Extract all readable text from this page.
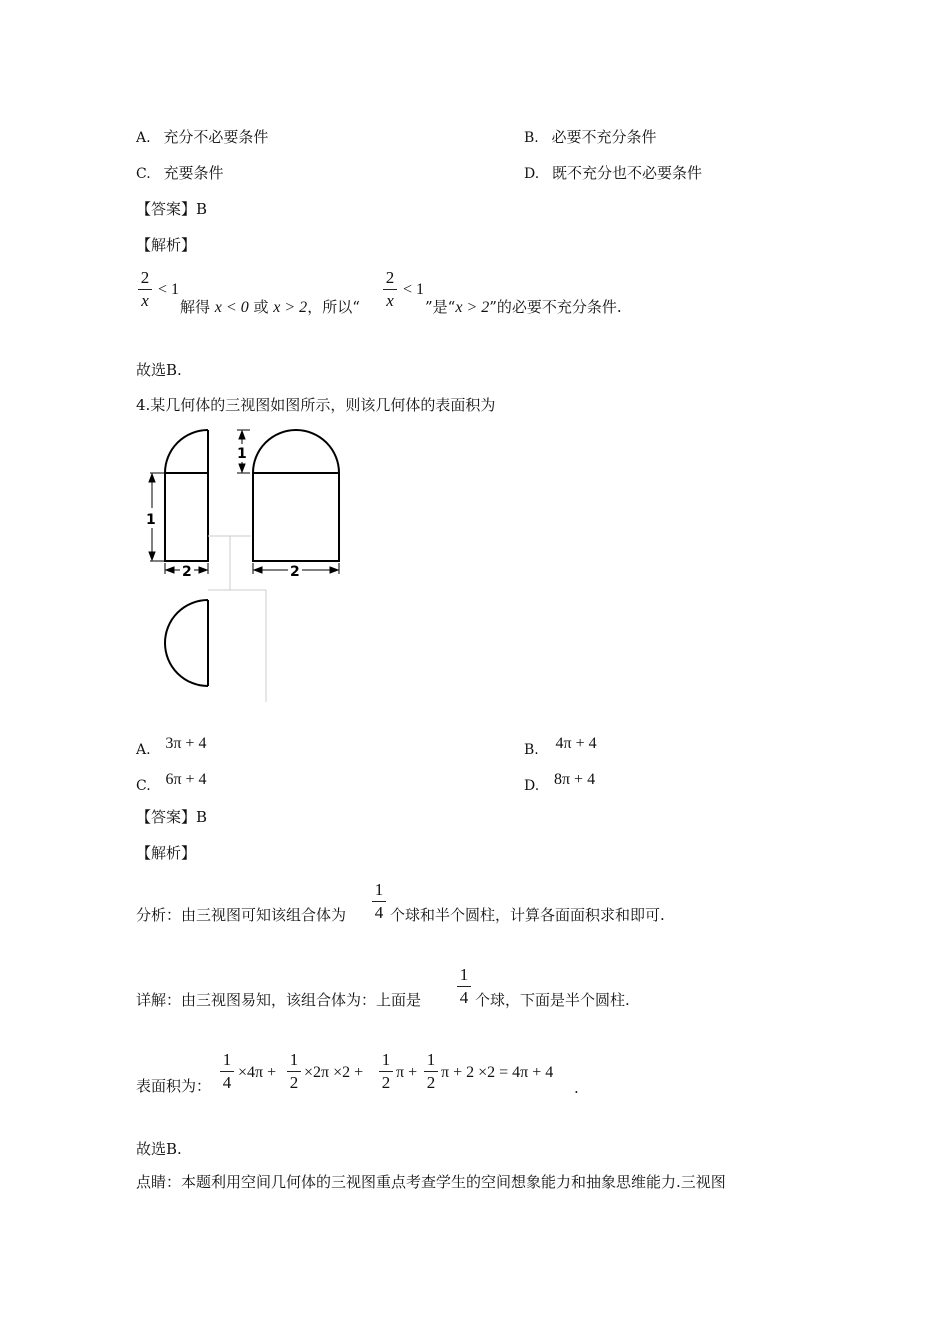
A. 充分不必要条件	B. 必要不充分条件
C. 充要条件	D. 既不充分也不必要条件
【答案】B
【解析】
2
x
< 1
解得 x < 0 或 x > 2，所以“
2
x
< 1
”是“x > 2”的必要不充分条件.
故选B.
4.某几何体的三视图如图所示，则该几何体的表面积为
1
2
1
2
A. 3π + 4	B. 4π + 4
C. 6π + 4	D. 8π + 4
【答案】B
【解析】
分析：由三视图可知该组合体为
1
4 个球和半个圆柱，计算各面面积求和即可.
详解：由三视图易知，该组合体为：上面是
1
4 个球，下面是半个圆柱.
表面积为：
1
4
×4π +
1
2
×2π ×2 +
1
2
π +
1
2
π + 2 ×2 = 4π + 4
.
故选B.
点睛：本题利用空间几何体的三视图重点考查学生的空间想象能力和抽象思维能力.三视图
